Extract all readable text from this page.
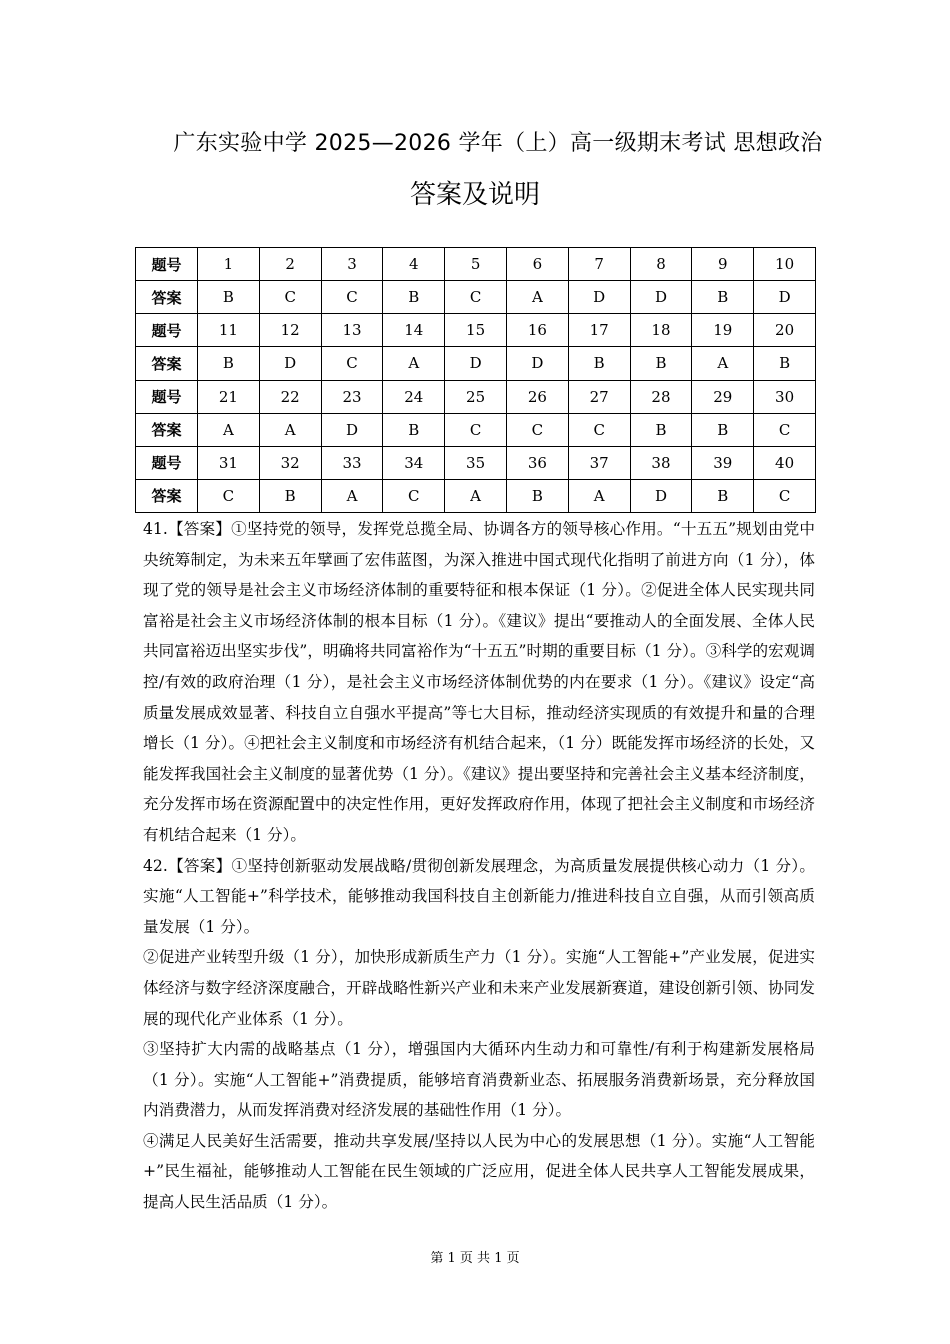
广东实验中学 2025—2026 学年（上）高一级期末考试 思想政治
答案及说明
题号	1	2	3	4	5	6	7	8	9	10
答案	B	C	C	B	C	A	D	D	B	D
题号	11	12	13	14	15	16	17	18	19	20
答案	B	D	C	A	D	D	B	B	A	B
题号	21	22	23	24	25	26	27	28	29	30
答案	A	A	D	B	C	C	C	B	B	C
题号	31	32	33	34	35	36	37	38	39	40
答案	C	B	A	C	A	B	A	D	B	C

41.【答案】①坚持党的领导，发挥党总揽全局、协调各方的领导核心作用。“十五五”规划由党中央统筹制定，为未来五年擘画了宏伟蓝图，为深入推进中国式现代化指明了前进方向（1 分），体现了党的领导是社会主义市场经济体制的重要特征和根本保证（1 分）。②促进全体人民实现共同富裕是社会主义市场经济体制的根本目标（1 分）。《建议》提出“要推动人的全面发展、全体人民共同富裕迈出坚实步伐”，明确将共同富裕作为“十五五”时期的重要目标（1 分）。③科学的宏观调控/有效的政府治理（1 分），是社会主义市场经济体制优势的内在要求（1 分）。《建议》设定“高质量发展成效显著、科技自立自强水平提高”等七大目标，推动经济实现质的有效提升和量的合理增长（1 分）。④把社会主义制度和市场经济有机结合起来，（1 分）既能发挥市场经济的长处，又能发挥我国社会主义制度的显著优势（1 分）。《建议》提出要坚持和完善社会主义基本经济制度，充分发挥市场在资源配置中的决定性作用，更好发挥政府作用，体现了把社会主义制度和市场经济有机结合起来（1 分）。

42.【答案】①坚持创新驱动发展战略/贯彻创新发展理念，为高质量发展提供核心动力（1 分）。实施“人工智能+”科学技术，能够推动我国科技自主创新能力/推进科技自立自强，从而引领高质量发展（1 分）。

②促进产业转型升级（1 分），加快形成新质生产力（1 分）。实施“人工智能+”产业发展，促进实体经济与数字经济深度融合，开辟战略性新兴产业和未来产业发展新赛道，建设创新引领、协同发展的现代化产业体系（1 分）。

③坚持扩大内需的战略基点（1 分），增强国内大循环内生动力和可靠性/有利于构建新发展格局（1 分）。实施“人工智能+”消费提质，能够培育消费新业态、拓展服务消费新场景，充分释放国内消费潜力，从而发挥消费对经济发展的基础性作用（1 分）。

④满足人民美好生活需要，推动共享发展/坚持以人民为中心的发展思想（1 分）。实施“人工智能+”民生福祉，能够推动人工智能在民生领域的广泛应用，促进全体人民共享人工智能发展成果，提高人民生活品质（1 分）。

第 1 页 共 1 页
